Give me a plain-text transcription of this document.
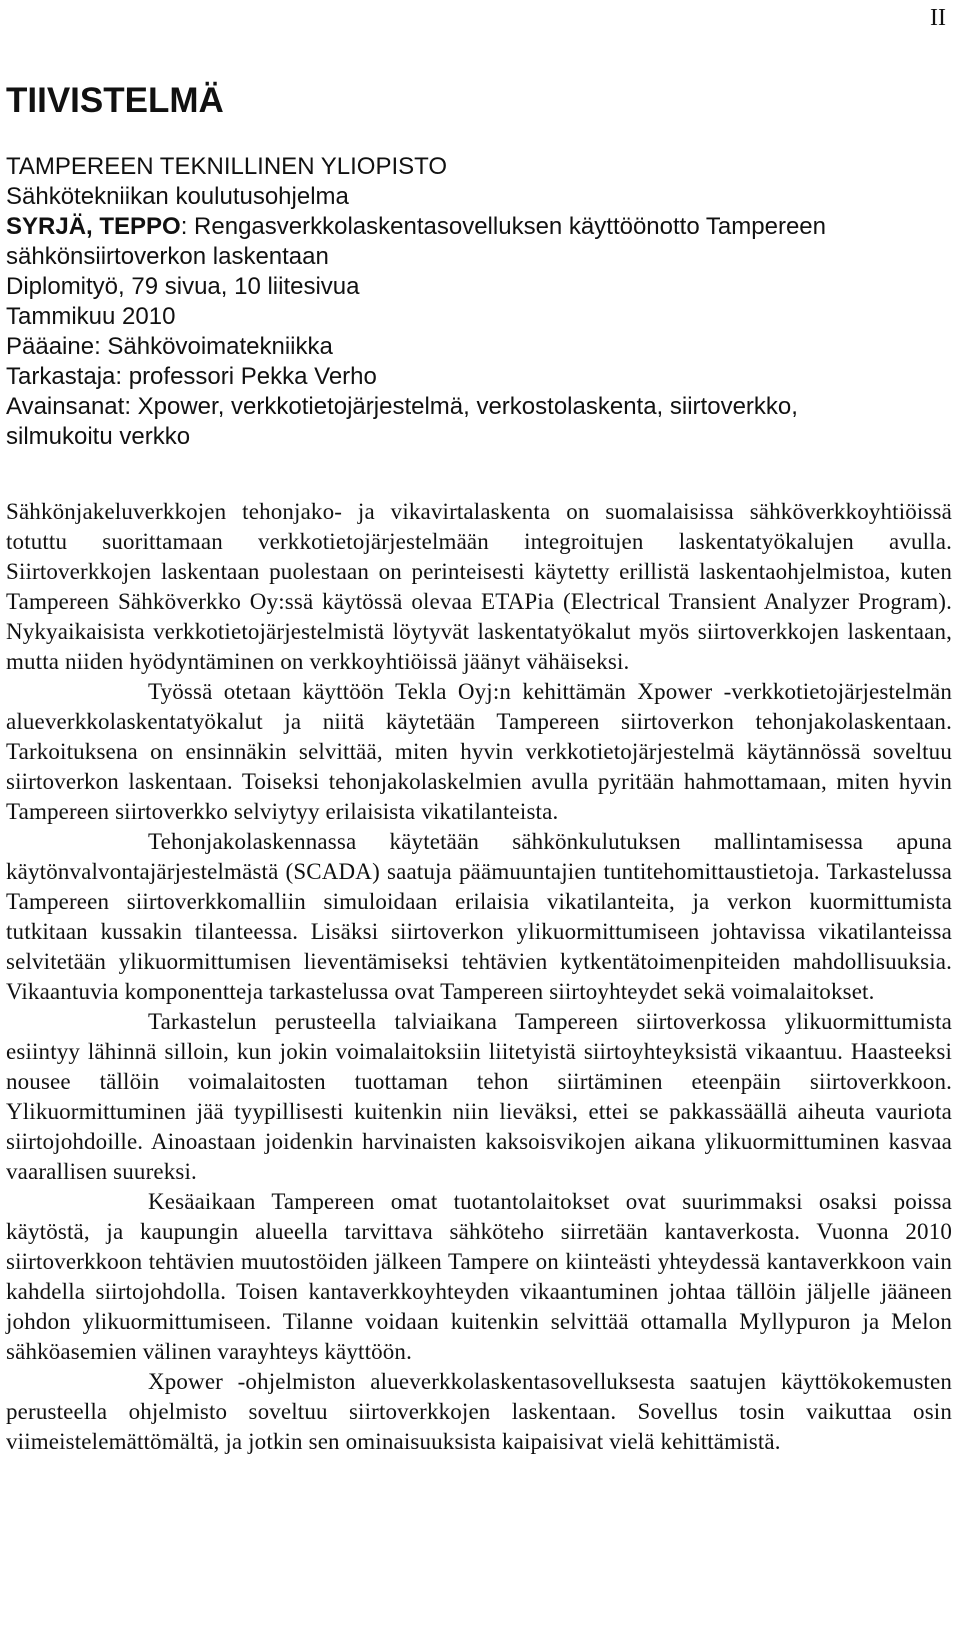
II
TIIVISTELMÄ
TAMPEREEN TEKNILLINEN YLIOPISTO
Sähkötekniikan koulutusohjelma
SYRJÄ, TEPPO: Rengasverkkolaskentasovelluksen käyttöönotto Tampereen
sähkönsiirtoverkon laskentaan
Diplomityö, 79 sivua, 10 liitesivua
Tammikuu 2010
Pääaine: Sähkövoimatekniikka
Tarkastaja: professori Pekka Verho
Avainsanat: Xpower, verkkotietojärjestelmä, verkostolaskenta, siirtoverkko,
silmukoitu verkko

Sähkönjakeluverkkojen tehonjako- ja vikavirtalaskenta on suomalaisissa sähköverkkoyhtiöissä totuttu suorittamaan verkkotietojärjestelmään integroitujen laskentatyökalujen avulla. Siirtoverkkojen laskentaan puolestaan on perinteisesti käytetty erillistä laskentaohjelmistoa, kuten Tampereen Sähköverkko Oy:ssä käytössä olevaa ETAPia (Electrical Transient Analyzer Program). Nykyaikaisista verkkotietojärjestelmistä löytyvät laskentatyökalut myös siirtoverkkojen laskentaan, mutta niiden hyödyntäminen on verkkoyhtiöissä jäänyt vähäiseksi.

Työssä otetaan käyttöön Tekla Oyj:n kehittämän Xpower -verkkotietojärjestelmän alueverkkolaskentatyökalut ja niitä käytetään Tampereen siirtoverkon tehonjakolaskentaan. Tarkoituksena on ensinnäkin selvittää, miten hyvin verkkotietojärjestelmä käytännössä soveltuu siirtoverkon laskentaan. Toiseksi tehonjakolaskelmien avulla pyritään hahmottamaan, miten hyvin Tampereen siirtoverkko selviytyy erilaisista vikatilanteista.

Tehonjakolaskennassa käytetään sähkönkulutuksen mallintamisessa apuna käytönvalvontajärjestelmästä (SCADA) saatuja päämuuntajien tuntitehomittaustietoja. Tarkastelussa Tampereen siirtoverkkomalliin simuloidaan erilaisia vikatilanteita, ja verkon kuormittumista tutkitaan kussakin tilanteessa. Lisäksi siirtoverkon ylikuormittumiseen johtavissa vikatilanteissa selvitetään ylikuormittumisen lieventämiseksi tehtävien kytkentätoimenpiteiden mahdollisuuksia. Vikaantuvia komponentteja tarkastelussa ovat Tampereen siirtoyhteydet sekä voimalaitokset.

Tarkastelun perusteella talviaikana Tampereen siirtoverkossa ylikuormittumista esiintyy lähinnä silloin, kun jokin voimalaitoksiin liitetyistä siirtoyhteyksistä vikaantuu. Haasteeksi nousee tällöin voimalaitosten tuottaman tehon siirtäminen eteenpäin siirtoverkkoon. Ylikuormittuminen jää tyypillisesti kuitenkin niin lieväksi, ettei se pakkassäällä aiheuta vauriota siirtojohdoille. Ainoastaan joidenkin harvinaisten kaksoisvikojen aikana ylikuormittuminen kasvaa vaarallisen suureksi.

Kesäaikaan Tampereen omat tuotantolaitokset ovat suurimmaksi osaksi poissa käytöstä, ja kaupungin alueella tarvittava sähköteho siirretään kantaverkosta. Vuonna 2010 siirtoverkkoon tehtävien muutostöiden jälkeen Tampere on kiinteästi yhteydessä kantaverkkoon vain kahdella siirtojohdolla. Toisen kantaverkkoyhteyden vikaantuminen johtaa tällöin jäljelle jääneen johdon ylikuormittumiseen. Tilanne voidaan kuitenkin selvittää ottamalla Myllypuron ja Melon sähköasemien välinen varayhteys käyttöön.

Xpower -ohjelmiston alueverkkolaskentasovelluksesta saatujen käyttökokemusten perusteella ohjelmisto soveltuu siirtoverkkojen laskentaan. Sovellus tosin vaikuttaa osin viimeistelemättömältä, ja jotkin sen ominaisuuksista kaipaisivat vielä kehittämistä.
